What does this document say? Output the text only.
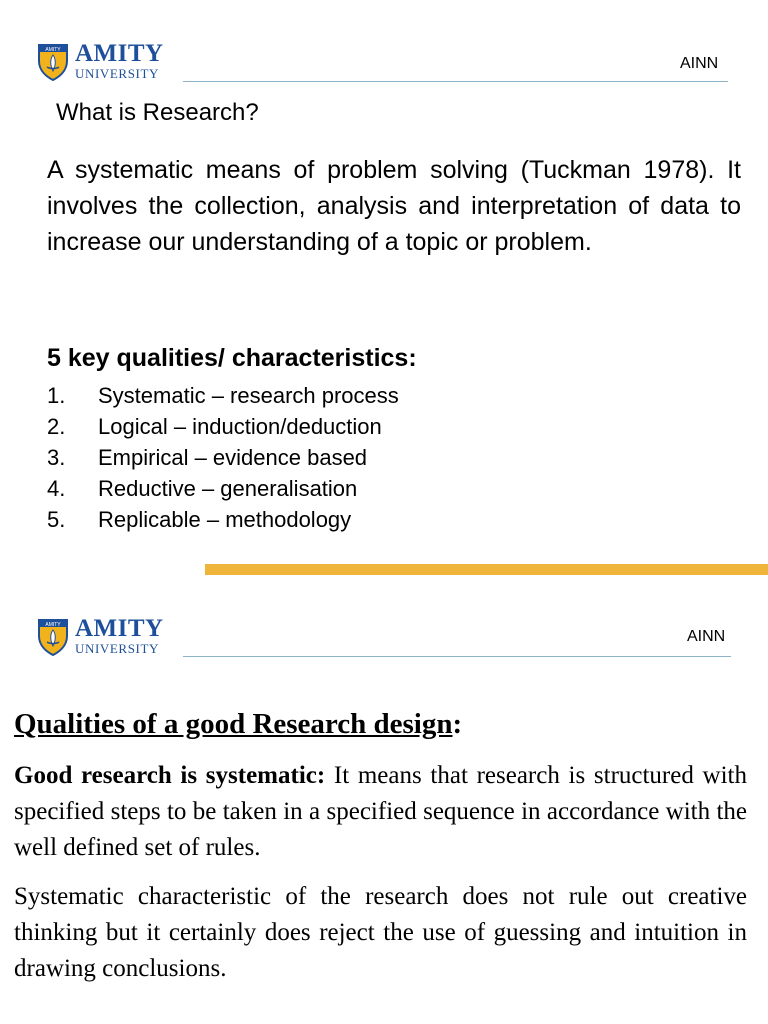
AMITY AMITY
UNIVERSITY
AINN
What is Research?

A systematic means of problem solving (Tuckman 1978). It involves the collection, analysis and interpretation of data to increase our understanding of a topic or problem.

5 key qualities/ characteristics:
1.	Systematic – research process
2.	Logical – induction/deduction
3.	Empirical – evidence based
4.	Reductive – generalisation
5.	Replicable – methodology
AMITY AMITY
UNIVERSITY
AINN
Qualities of a good Research design:

Good research is systematic: It means that research is structured with specified steps to be taken in a specified sequence in accordance with the well defined set of rules.

Systematic characteristic of the research does not rule out creative thinking but it certainly does reject the use of guessing and intuition in drawing conclusions.
